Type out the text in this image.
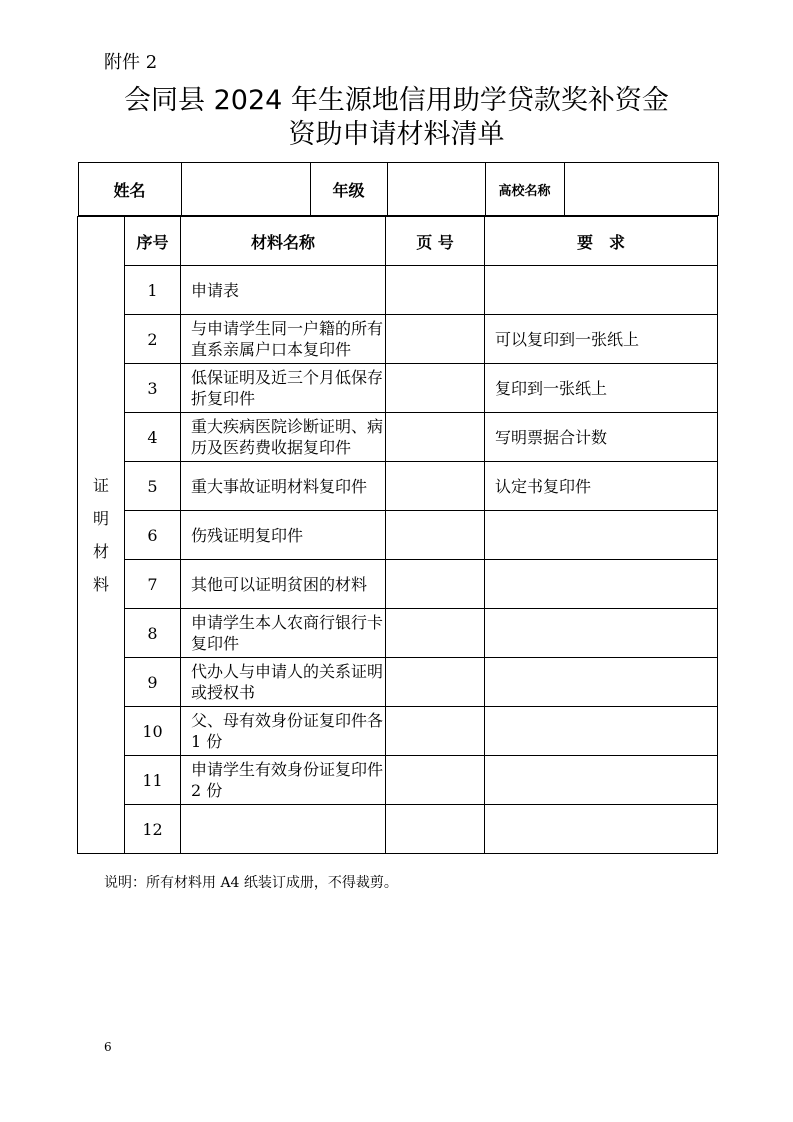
附件 2
会同县 2024 年生源地信用助学贷款奖补资金
资助申请材料清单
姓名		年级		高校名称	

证
明
材
料
	序号	材料名称	页 号	要　求
1	申请表		
2	与申请学生同一户籍的所有直系亲属户口本复印件		可以复印到一张纸上
3	低保证明及近三个月低保存折复印件		复印到一张纸上
4	重大疾病医院诊断证明、病历及医药费收据复印件		写明票据合计数
5	重大事故证明材料复印件		认定书复印件
6	伤残证明复印件		
7	其他可以证明贫困的材料		
8	申请学生本人农商行银行卡复印件		
9	代办人与申请人的关系证明或授权书		
10	父、母有效身份证复印件各 1 份		
11	申请学生有效身份证复印件 2 份		
12			
说明：所有材料用 A4 纸装订成册，不得裁剪。
6
